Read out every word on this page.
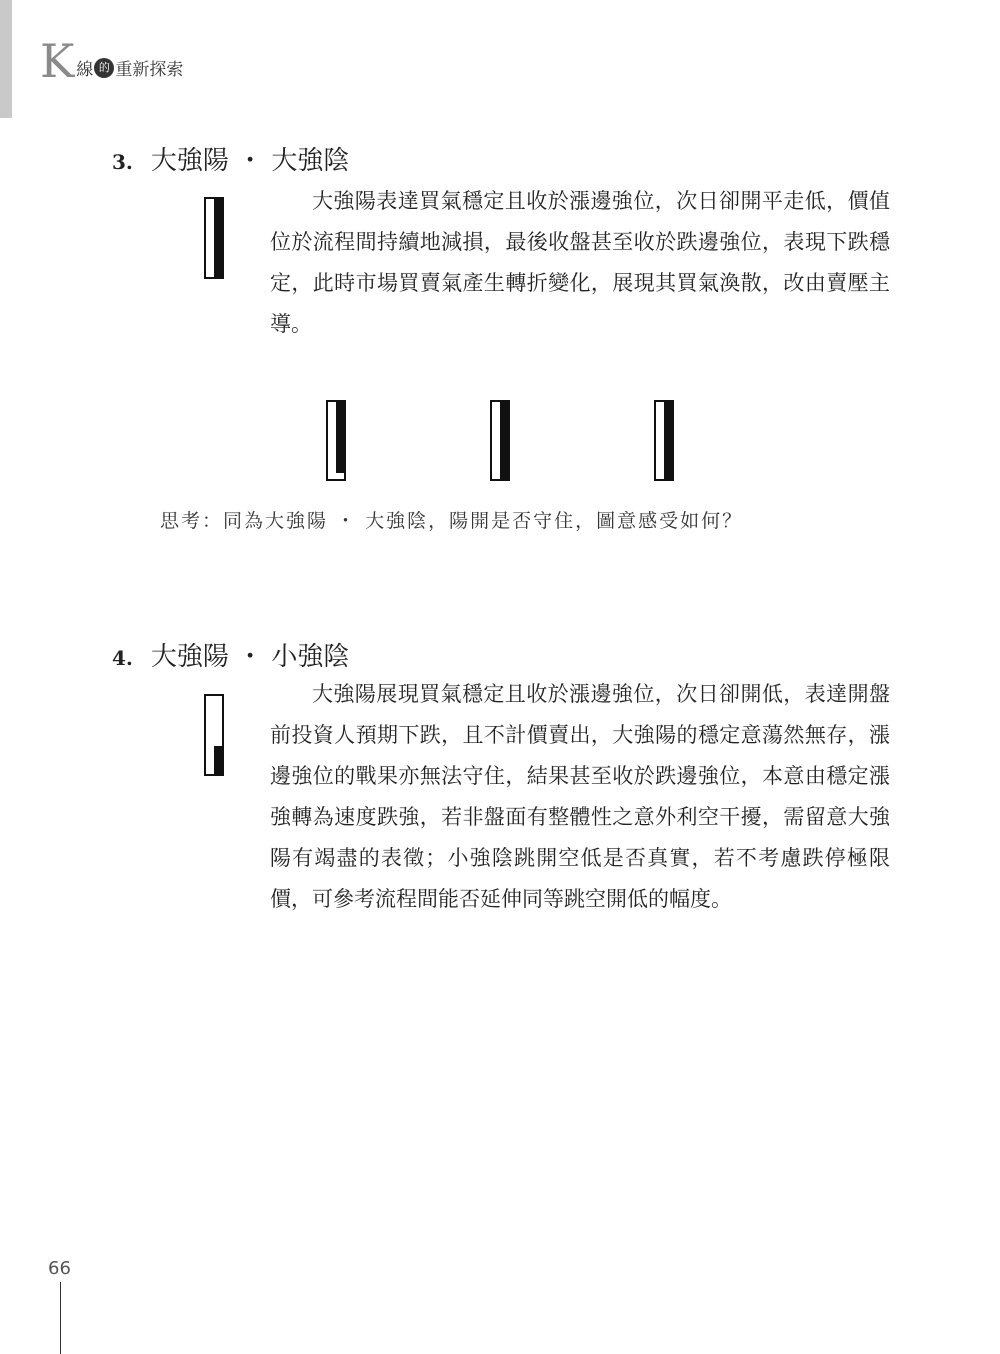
K 線 的 重新探索
3. 大強陽 ・ 大強陰
大強陽表達買氣穩定且收於漲邊強位，次日卻開平走低，價值位於流程間持續地減損，最後收盤甚至收於跌邊強位，表現下跌穩定，此時市場買賣氣產生轉折變化，展現其買氣渙散，改由賣壓主導。
思考：同為大強陽 ・ 大強陰，陽開是否守住，圖意感受如何？
4. 大強陽 ・ 小強陰
大強陽展現買氣穩定且收於漲邊強位，次日卻開低，表達開盤前投資人預期下跌，且不計價賣出，大強陽的穩定意蕩然無存，漲邊強位的戰果亦無法守住，結果甚至收於跌邊強位，本意由穩定漲強轉為速度跌強，若非盤面有整體性之意外利空干擾，需留意大強陽有竭盡的表徵；小強陰跳開空低是否真實，若不考慮跌停極限價，可參考流程間能否延伸同等跳空開低的幅度。
66
